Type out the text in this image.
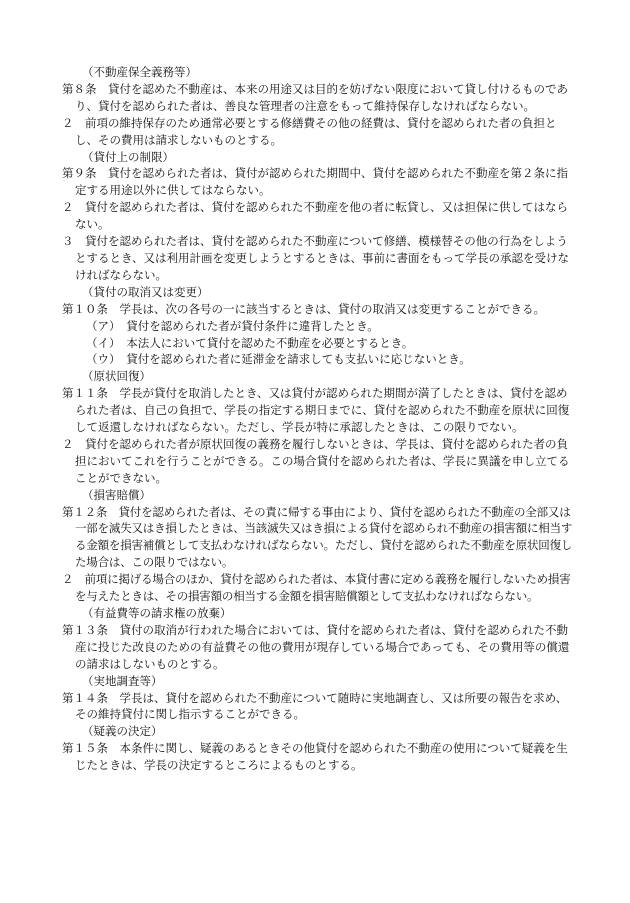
（不動産保全義務等）
第８条　貸付を認めた不動産は、本来の用途又は目的を妨げない限度において貸し付けるものであり、貸付を認められた者は、善良な管理者の注意をもって維持保存しなければならない。
２　前項の維持保存のため通常必要とする修繕費その他の経費は、貸付を認められた者の負担とし、その費用は請求しないものとする。
（貸付上の制限）
第９条　貸付を認められた者は、貸付が認められた期間中、貸付を認められた不動産を第２条に指定する用途以外に供してはならない。
２　貸付を認められた者は、貸付を認められた不動産を他の者に転貸し、又は担保に供してはならない。
３　貸付を認められた者は、貸付を認められた不動産について修繕、模様替その他の行為をしようとするとき、又は利用計画を変更しようとするときは、事前に書面をもって学長の承認を受けなければならない。
（貸付の取消又は変更）
第１０条　学長は、次の各号の一に該当するときは、貸付の取消又は変更することができる。
（ア）　貸付を認められた者が貸付条件に違背したとき。
（イ）　本法人において貸付を認めた不動産を必要とするとき。
（ウ）　貸付を認められた者に延滞金を請求しても支払いに応じないとき。
（原状回復）
第１１条　学長が貸付を取消したとき、又は貸付が認められた期間が満了したときは、貸付を認められた者は、自己の負担で、学長の指定する期日までに、貸付を認められた不動産を原状に回復して返還しなければならない。ただし、学長が特に承認したときは、この限りでない。
２　貸付を認められた者が原状回復の義務を履行しないときは、学長は、貸付を認められた者の負担においてこれを行うことができる。この場合貸付を認められた者は、学長に異議を申し立てることができない。
（損害賠償）
第１２条　貸付を認められた者は、その責に帰する事由により、貸付を認められた不動産の全部又は一部を滅失又はき損したときは、当該滅失又はき損による貸付を認められ不動産の損害額に相当する金額を損害補償として支払わなければならない。ただし、貸付を認められた不動産を原状回復した場合は、この限りではない。
２　前項に掲げる場合のほか、貸付を認められた者は、本貸付書に定める義務を履行しないため損害を与えたときは、その損害額の相当する金額を損害賠償額として支払わなければならない。
（有益費等の請求権の放棄）
第１３条　貸付の取消が行われた場合においては、貸付を認められた者は、貸付を認められた不動産に投じた改良のための有益費その他の費用が現存している場合であっても、その費用等の償還の請求はしないものとする。
（実地調査等）
第１４条　学長は、貸付を認められた不動産について随時に実地調査し、又は所要の報告を求め、その維持貸付に関し指示することができる。
（疑義の決定）
第１５条　本条件に関し、疑義のあるときその他貸付を認められた不動産の使用について疑義を生じたときは、学長の決定するところによるものとする。
